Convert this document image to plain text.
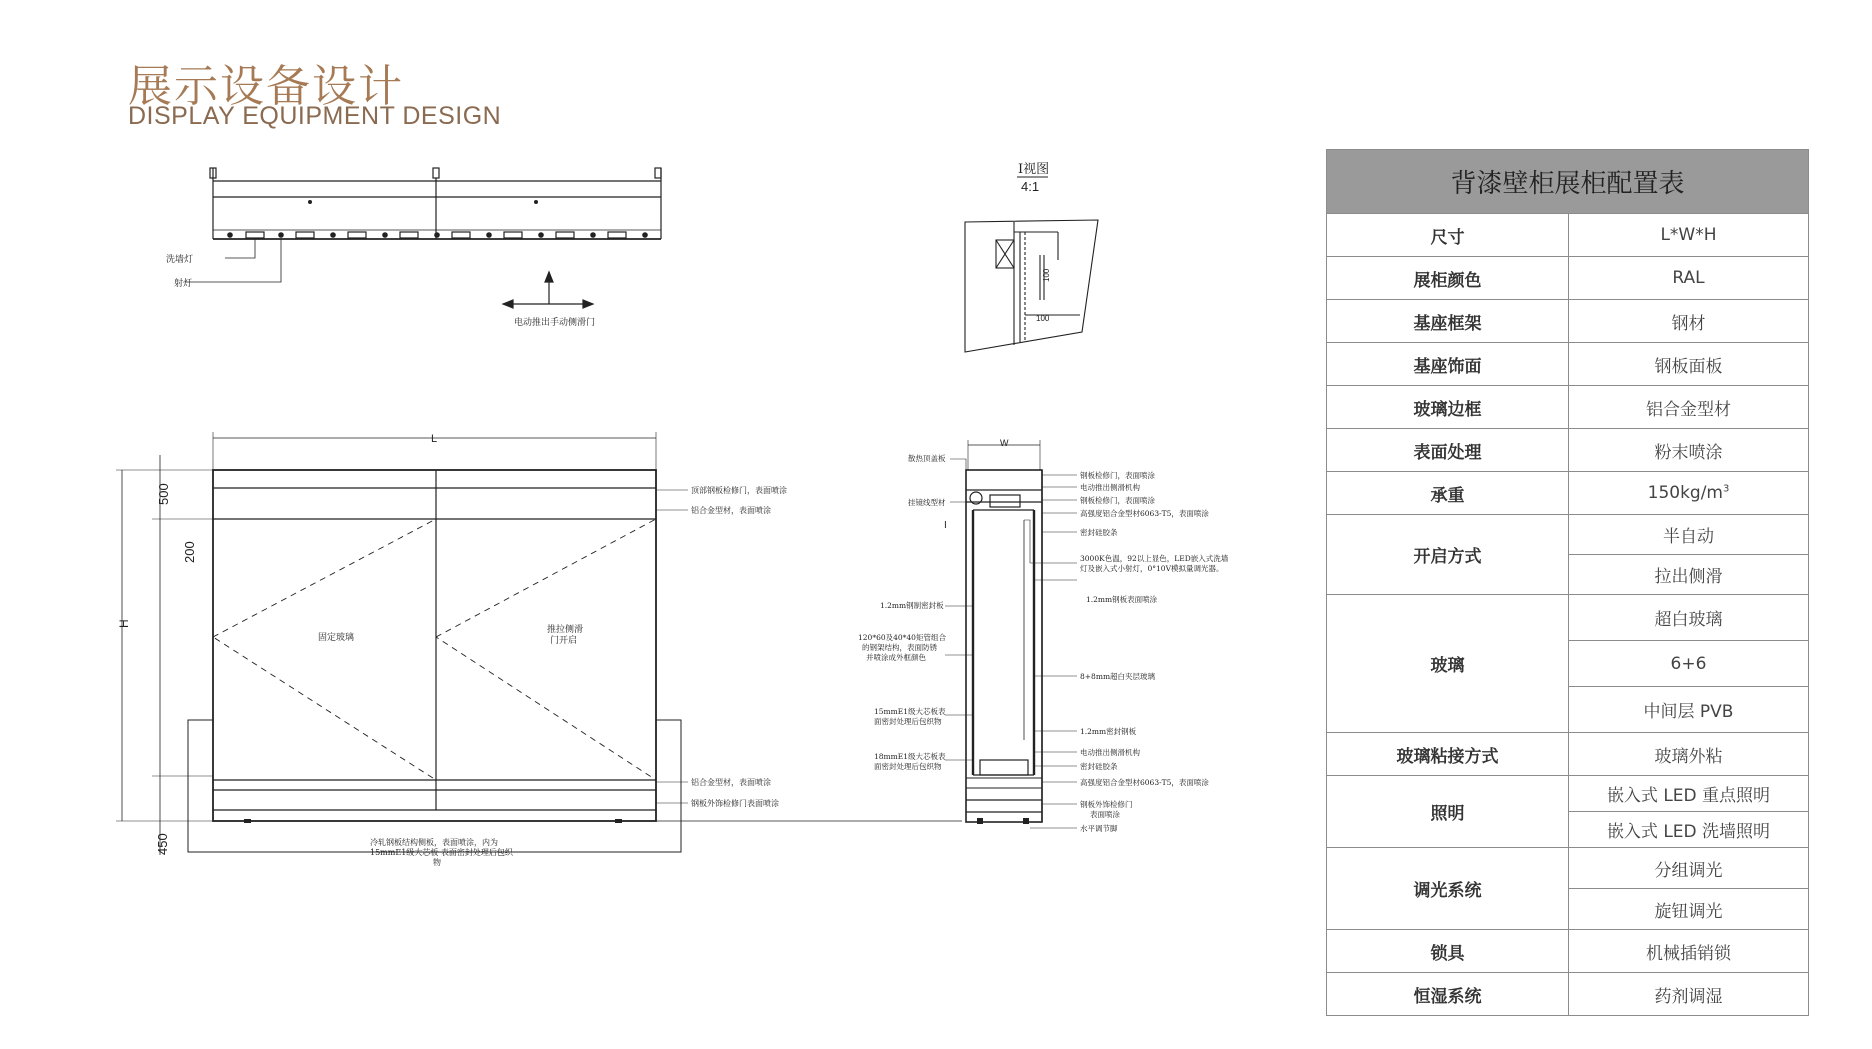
展示设备设计
DISPLAY EQUIPMENT DESIGN
洗墙灯
射灯
电动推出手动侧滑门
I视图
4:1
100
100
L
H
500
200
450
固定玻璃
推拉侧滑
门开启
顶部钢板检修门，表面喷涂
铝合金型材，表面喷涂
铝合金型材，表面喷涂
钢板外饰检修门表面喷涂
冷轧钢板结构侧板，表面喷涂，内为
15mmE1级大芯板 表面密封处理后包织
物
W
I
散热顶盖板
挂镜线型材
1.2mm钢制密封板
120*60及40*40矩管组合
的钢架结构，表面防锈
并喷涂成外框颜色
15mmE1级大芯板表
面密封处理后包织物
18mmE1级大芯板表
面密封处理后包织物
钢板检修门，表面喷涂
电动推出侧滑机构
钢板检修门，表面喷涂
高强度铝合金型材6063-T5，表面喷涂
密封硅胶条
3000K色温，92以上显色，LED嵌入式洗墙
灯及嵌入式小射灯，0°10V模拟量调光器。
1.2mm钢板表面喷涂
8+8mm超白夹层玻璃
1.2mm密封钢板
电动推出侧滑机构
密封硅胶条
高强度铝合金型材6063-T5，表面喷涂
钢板外饰检修门
表面喷涂
水平调节脚
背漆壁柜展柜配置表	
尺寸	L*W*H
展柜颜色	RAL
基座框架	钢材
基座饰面	钢板面板
玻璃边框	铝合金型材
表面处理	粉末喷涂
承重	$150kg/m^3$
开启方式	半自动
	拉出侧滑
玻璃	超白玻璃
	6+6
	中间层 PVB
玻璃粘接方式	玻璃外粘
照明	嵌入式 LED 重点照明
	嵌入式 LED 洗墙照明
调光系统	分组调光
	旋钮调光
锁具	机械插销锁
恒湿系统	药剂调湿
